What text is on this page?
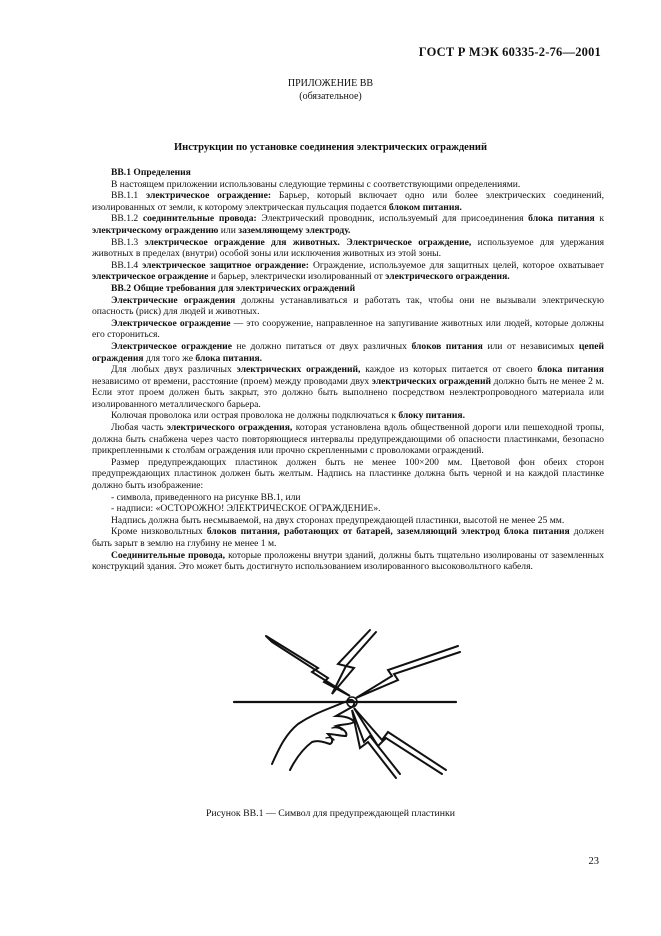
ГОСТ Р МЭК 60335-2-76—2001
ПРИЛОЖЕНИЕ ВВ
(обязательное)
Инструкции по установке соединения электрических ограждений

ВВ.1 Определения

В настоящем приложении использованы следующие термины с соответствующими определениями.

ВВ.1.1 электрическое ограждение: Барьер, который включает одно или более электрических соединений, изолированных от земли, к которому электрическая пульсация подается блоком питания.

ВВ.1.2 соединительные провода: Электрический проводник, используемый для присоединения блока питания к электрическому ограждению или заземляющему электроду.

ВВ.1.3 электрическое ограждение для животных. Электрическое ограждение, используемое для удержания животных в пределах (внутри) особой зоны или исключения животных из этой зоны.

ВВ.1.4 электрическое защитное ограждение: Ограждение, используемое для защитных целей, которое охватывает электрическое ограждение и барьер, электрически изолированный от электрического ограждения.

ВВ.2 Общие требования для электрических ограждений

Электрические ограждения должны устанавливаться и работать так, чтобы они не вызывали электрическую опасность (риск) для людей и животных.

Электрическое ограждение — это сооружение, направленное на запугивание животных или людей, которые должны его сторониться.

Электрическое ограждение не должно питаться от двух различных блоков питания или от независимых цепей ограждения для того же блока питания.

Для любых двух различных электрических ограждений, каждое из которых питается от своего блока питания независимо от времени, расстояние (проем) между проводами двух электрических ограждений должно быть не менее 2 м. Если этот проем должен быть закрыт, это должно быть выполнено посредством неэлектропроводного материала или изолированного металлического барьера.

Колючая проволока или острая проволока не должны подключаться к блоку питания.

Любая часть электрического ограждения, которая установлена вдоль общественной дороги или пешеходной тропы, должна быть снабжена через часто повторяющиеся интервалы предупреждающими об опасности пластинками, безопасно прикрепленными к столбам ограждения или прочно скрепленными с проволоками ограждений.

Размер предупреждающих пластинок должен быть не менее 100×200 мм. Цветовой фон обеих сторон предупреждающих пластинок должен быть желтым. Надпись на пластинке должна быть черной и на каждой пластинке должно быть изображение:

- символа, приведенного на рисунке ВВ.1, или

- надписи: «ОСТОРОЖНО! ЭЛЕКТРИЧЕСКОЕ ОГРАЖДЕНИЕ».

Надпись должна быть несмываемой, на двух сторонах предупреждающей пластинки, высотой не менее 25 мм.

Кроме низковольтных блоков питания, работающих от батарей, заземляющий электрод блока питания должен быть зарыт в землю на глубину не менее 1 м.

Соединительные провода, которые проложены внутри зданий, должны быть тщательно изолированы от заземленных конструкций здания. Это может быть достигнуто использованием изолированного высоковольтного кабеля.

Рисунок ВВ.1 — Символ для предупреждающей пластинки
23
